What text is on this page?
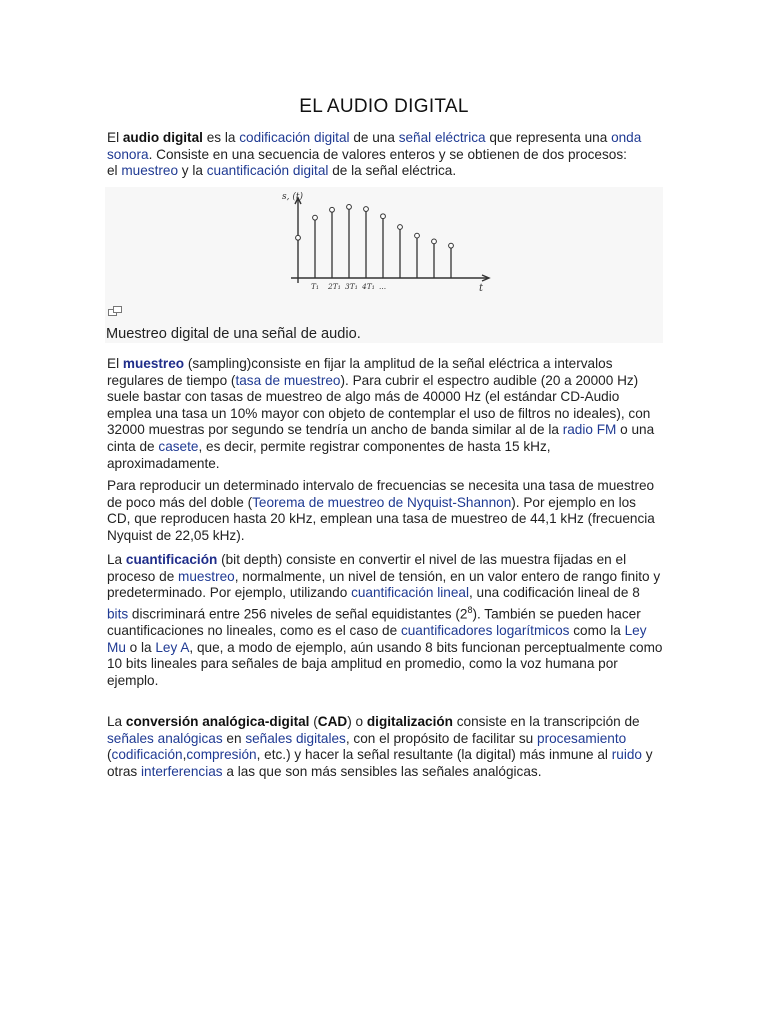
EL AUDIO DIGITAL

El audio digital es la codificación digital de una señal eléctrica que representa una onda sonora. Consiste en una secuencia de valores enteros y se obtienen de dos procesos:
el muestreo y la cuantificación digital de la señal eléctrica.

s, (t)
t
T₁ 2T₁ 3T₁ 4T₁ ...
Muestreo digital de una señal de audio.

El muestreo (sampling)consiste en fijar la amplitud de la señal eléctrica a intervalos regulares de tiempo (tasa de muestreo). Para cubrir el espectro audible (20 a 20000 Hz) suele bastar con tasas de muestreo de algo más de 40000 Hz (el estándar CD-Audio emplea una tasa un 10% mayor con objeto de contemplar el uso de filtros no ideales), con 32000 muestras por segundo se tendría un ancho de banda similar al de la radio FM o una cinta de casete, es decir, permite registrar componentes de hasta 15 kHz, aproximadamente.

Para reproducir un determinado intervalo de frecuencias se necesita una tasa de muestreo de poco más del doble (Teorema de muestreo de Nyquist-Shannon). Por ejemplo en los CD, que reproducen hasta 20 kHz, emplean una tasa de muestreo de 44,1 kHz (frecuencia Nyquist de 22,05 kHz).

La cuantificación (bit depth) consiste en convertir el nivel de las muestra fijadas en el proceso de muestreo, normalmente, un nivel de tensión, en un valor entero de rango finito y predeterminado. Por ejemplo, utilizando cuantificación lineal, una codificación lineal de 8 bits discriminará entre 256 niveles de señal equidistantes $(2^8)$. También se pueden hacer cuantificaciones no lineales, como es el caso de cuantificadores logarítmicos como la Ley Mu o la Ley A, que, a modo de ejemplo, aún usando 8 bits funcionan perceptualmente como 10 bits lineales para señales de baja amplitud en promedio, como la voz humana por ejemplo.

La conversión analógica-digital (CAD) o digitalización consiste en la transcripción de señales analógicas en señales digitales, con el propósito de facilitar su procesamiento (codificación,compresión, etc.) y hacer la señal resultante (la digital) más inmune al ruido y otras interferencias a las que son más sensibles las señales analógicas.
